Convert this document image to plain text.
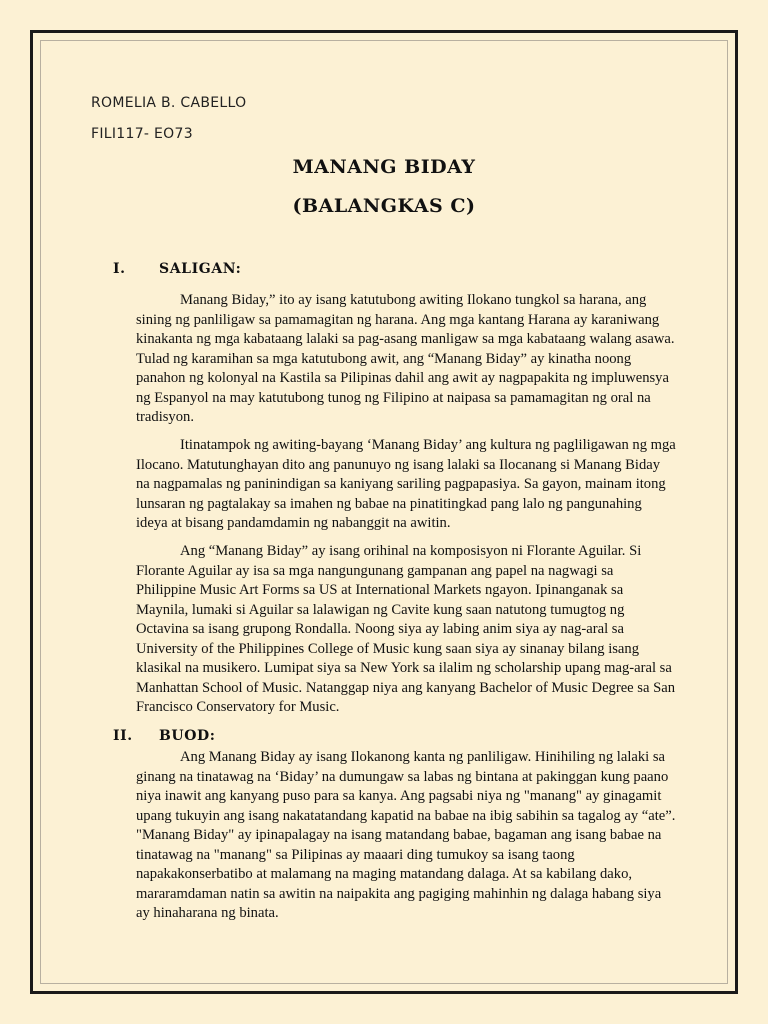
ROMELIA B. CABELLO
FILI117- EO73
MANANG BIDAY
(BALANGKAS C)
I. SALIGAN:

Manang Biday,” ito ay isang katutubong awiting Ilokano tungkol sa harana, ang sining ng panliligaw sa pamamagitan ng harana. Ang mga kantang Harana ay karaniwang kinakanta ng mga kabataang lalaki sa pag-asang manligaw sa mga kabataang walang asawa. Tulad ng karamihan sa mga katutubong awit, ang “Manang Biday” ay kinatha noong panahon ng kolonyal na Kastila sa Pilipinas dahil ang awit ay nagpapakita ng impluwensya ng Espanyol na may katutubong tunog ng Filipino at naipasa sa pamamagitan ng oral na tradisyon.

Itinatampok ng awiting-bayang ‘Manang Biday’ ang kultura ng pagliligawan ng mga Ilocano. Matutunghayan dito ang panunuyo ng isang lalaki sa Ilocanang si Manang Biday na nagpamalas ng paninindigan sa kaniyang sariling pagpapasiya. Sa gayon, mainam itong lunsaran ng pagtalakay sa imahen ng babae na pinatitingkad pang lalo ng pangunahing ideya at bisang pandamdamin ng nabanggit na awitin.

Ang “Manang Biday” ay isang orihinal na komposisyon ni Florante Aguilar. Si Florante Aguilar ay isa sa mga nangungunang gampanan ang papel na nagwagi sa Philippine Music Art Forms sa US at International Markets ngayon. Ipinanganak sa Maynila, lumaki si Aguilar sa lalawigan ng Cavite kung saan natutong tumugtog ng Octavina sa isang grupong Rondalla. Noong siya ay labing anim siya ay nag-aral sa University of the Philippines College of Music kung saan siya ay sinanay bilang isang klasikal na musikero. Lumipat siya sa New York sa ilalim ng scholarship upang mag-aral sa Manhattan School of Music. Natanggap niya ang kanyang Bachelor of Music Degree sa San Francisco Conservatory for Music.

II. BUOD:

Ang Manang Biday ay isang Ilokanong kanta ng panliligaw. Hinihiling ng lalaki sa ginang na tinatawag na ‘Biday’ na dumungaw sa labas ng bintana at pakinggan kung paano niya inawit ang kanyang puso para sa kanya. Ang pagsabi niya ng "manang" ay ginagamit upang tukuyin ang isang nakatatandang kapatid na babae na ibig sabihin sa tagalog ay “ate”. "Manang Biday" ay ipinapalagay na isang matandang babae, bagaman ang isang babae na tinatawag na "manang" sa Pilipinas ay maaari ding tumukoy sa isang taong napakakonserbatibo at malamang na maging matandang dalaga. At sa kabilang dako, mararamdaman natin sa awitin na naipakita ang pagiging mahinhin ng dalaga habang siya ay hinaharana ng binata.
